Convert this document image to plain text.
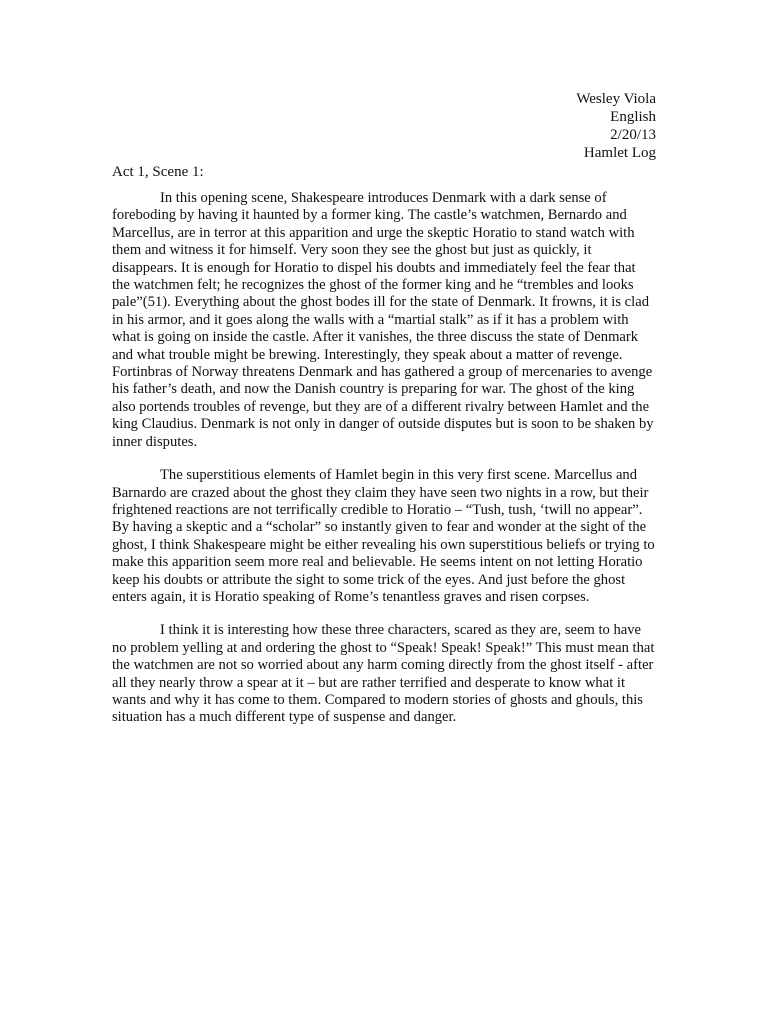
Wesley Viola
English
2/20/13
Hamlet Log
Act 1, Scene 1:

In this opening scene, Shakespeare introduces Denmark with a dark sense of foreboding by having it haunted by a former king. The castle’s watchmen, Bernardo and Marcellus, are in terror at this apparition and urge the skeptic Horatio to stand watch with them and witness it for himself. Very soon they see the ghost but just as quickly, it disappears. It is enough for Horatio to dispel his doubts and immediately feel the fear that the watchmen felt; he recognizes the ghost of the former king and he “trembles and looks pale”(51). Everything about the ghost bodes ill for the state of Denmark. It frowns, it is clad in his armor, and it goes along the walls with a “martial stalk” as if it has a problem with what is going on inside the castle. After it vanishes, the three discuss the state of Denmark and what trouble might be brewing. Interestingly, they speak about a matter of revenge. Fortinbras of Norway threatens Denmark and has gathered a group of mercenaries to avenge his father’s death, and now the Danish country is preparing for war. The ghost of the king also portends troubles of revenge, but they are of a different rivalry between Hamlet and the king Claudius. Denmark is not only in danger of outside disputes but is soon to be shaken by inner disputes.

The superstitious elements of Hamlet begin in this very first scene. Marcellus and Barnardo are crazed about the ghost they claim they have seen two nights in a row, but their frightened reactions are not terrifically credible to Horatio – “Tush, tush, ‘twill no appear”. By having a skeptic and a “scholar” so instantly given to fear and wonder at the sight of the ghost, I think Shakespeare might be either revealing his own superstitious beliefs or trying to make this apparition seem more real and believable. He seems intent on not letting Horatio keep his doubts or attribute the sight to some trick of the eyes. And just before the ghost enters again, it is Horatio speaking of Rome’s tenantless graves and risen corpses.

I think it is interesting how these three characters, scared as they are, seem to have no problem yelling at and ordering the ghost to “Speak! Speak! Speak!” This must mean that the watchmen are not so worried about any harm coming directly from the ghost itself - after all they nearly throw a spear at it – but are rather terrified and desperate to know what it wants and why it has come to them. Compared to modern stories of ghosts and ghouls, this situation has a much different type of suspense and danger.
